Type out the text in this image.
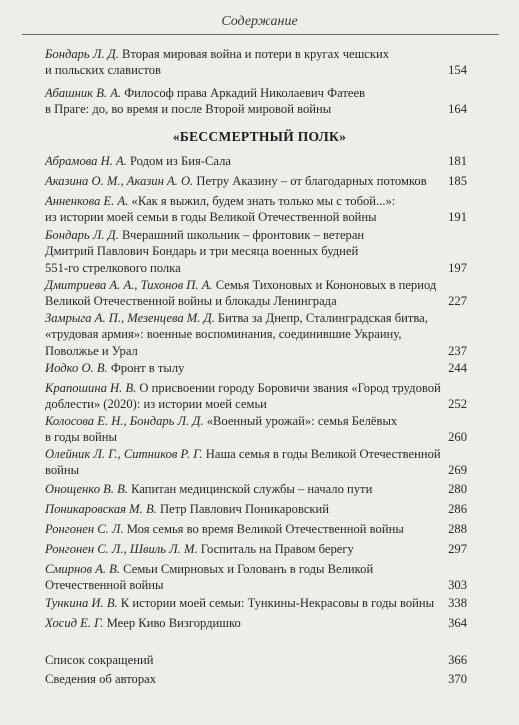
Содержание
«БЕССМЕРТНЫЙ ПОЛК»
Бондарь Л. Д. Вторая мировая война и потери в кругах чешских
и польских славистов	154
Абашник В. А. Философ права Аркадий Николаевич Фатеев
в Праге: до, во время и после Второй мировой войны	164
Абрамова Н. А. Родом из Бия-Сала	181
Аказина О. М., Аказин А. О. Петру Аказину – от благодарных потомков	185
Анненкова Е. А. «Как я выжил, будем знать только мы с тобой...»:
из истории моей семьи в годы Великой Отечественной войны	191
Бондарь Л. Д. Вчерашний школьник – фронтовик – ветеран
Дмитрий Павлович Бондарь и три месяца военных будней
551-го стрелкового полка	197
Дмитриева А. А., Тихонов П. А. Семья Тихоновых и Кононовых в период
Великой Отечественной войны и блокады Ленинграда	227
Замрыга А. П., Мезенцева М. Д. Битва за Днепр, Сталинградская битва,
«трудовая армия»: военные воспоминания, соединившие Украину,
Поволжье и Урал	237
Иодко О. В. Фронт в тылу	244
Крапошина Н. В. О присвоении городу Боровичи звания «Город трудовой
доблести» (2020): из истории моей семьи	252
Колосова Е. Н., Бондарь Л. Д. «Военный урожай»: семья Белёвых
в годы войны	260
Олейник Л. Г., Ситников Р. Г. Наша семья в годы Великой Отечественной
войны	269
Онощенко В. В. Капитан медицинской службы – начало пути	280
Поникаровская М. В. Петр Павлович Поникаровский	286
Ронгонен С. Л. Моя семья во время Великой Отечественной войны	288
Ронгонен С. Л., Швиль Л. М. Госпиталь на Правом берегу	297
Смирнов А. В. Семьи Смирновых и Голованъ в годы Великой
Отечественной войны	303
Тункина И. В. К истории моей семьи: Тункины-Некрасовы в годы войны	338
Хосид Е. Г. Меер Киво Визгордишко	364
Список сокращений	366
Сведения об авторах	370
